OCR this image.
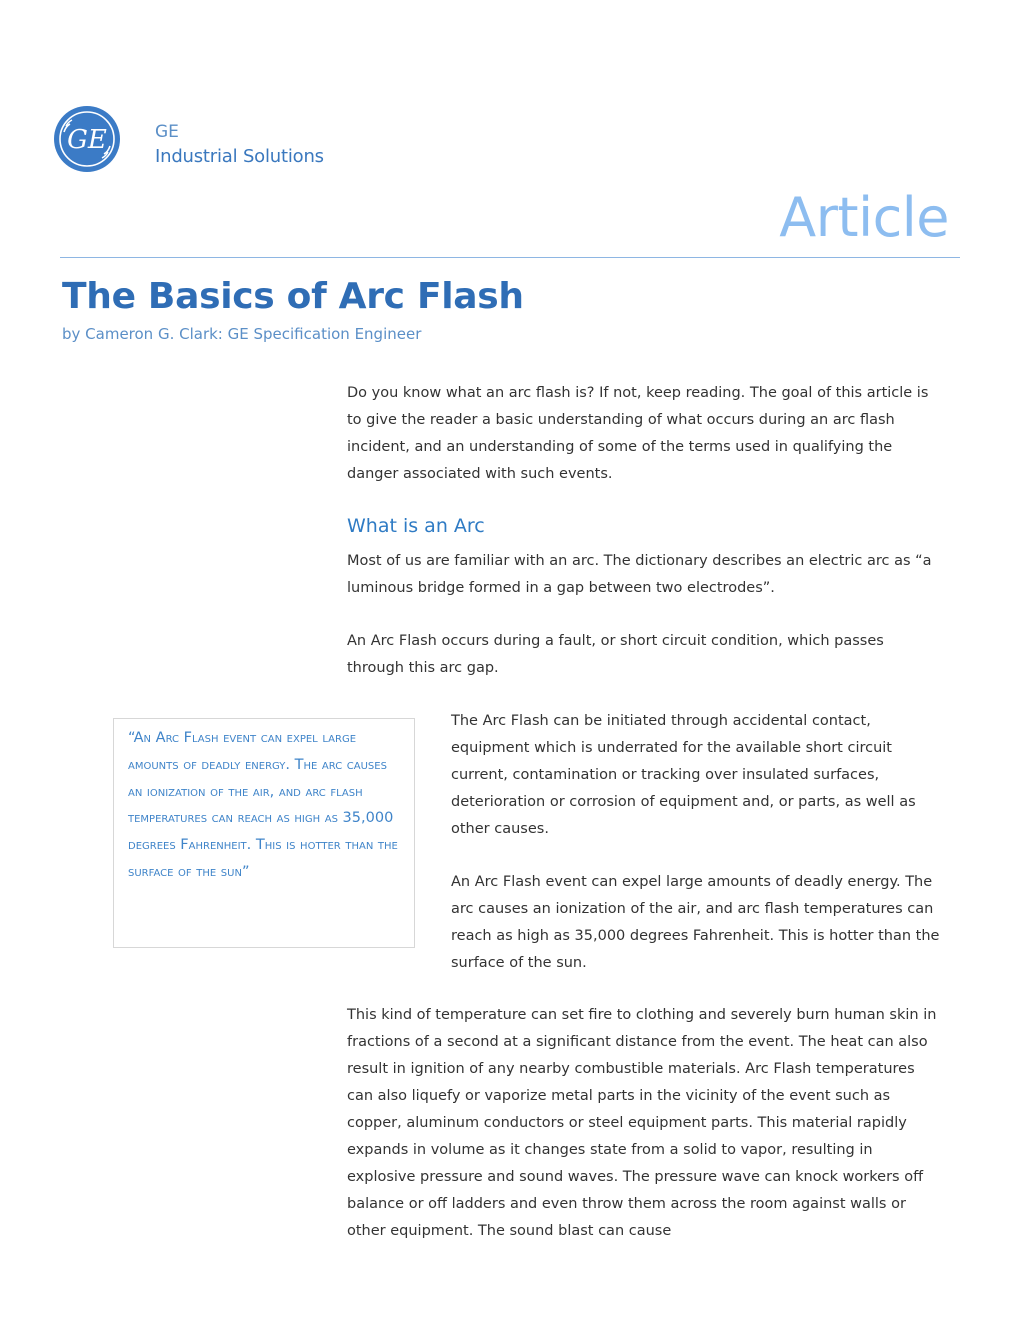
GE	GE
Industrial Solutions
Article
The Basics of Arc Flash
by Cameron G. Clark: GE Specification Engineer

Do you know what an arc flash is? If not, keep reading. The goal of this article is to give the reader a basic understanding of what occurs during an arc flash incident, and an understanding of some of the terms used in qualifying the danger associated with such events.

What is an Arc

Most of us are familiar with an arc. The dictionary describes an electric arc as “a luminous bridge formed in a gap between two electrodes”.

An Arc Flash occurs during a fault, or short circuit condition, which passes through this arc gap.

“An Arc Flash event can expel large amounts of deadly energy. The arc causes an ionization of the air, and arc flash temperatures can reach as high as 35,000 degrees Fahrenheit. This is hotter than the surface of the sun”

The Arc Flash can be initiated through accidental contact, equipment which is underrated for the available short circuit current, contamination or tracking over insulated surfaces, deterioration or corrosion of equipment and, or parts, as well as other causes.

An Arc Flash event can expel large amounts of deadly energy. The arc causes an ionization of the air, and arc flash temperatures can reach as high as 35,000 degrees Fahrenheit. This is hotter than the surface of the sun.

This kind of temperature can set fire to clothing and severely burn human skin in fractions of a second at a significant distance from the event. The heat can also result in ignition of any nearby combustible materials. Arc Flash temperatures can also liquefy or vaporize metal parts in the vicinity of the event such as copper, aluminum conductors or steel equipment parts. This material rapidly expands in volume as it changes state from a solid to vapor, resulting in explosive pressure and sound waves. The pressure wave can knock workers off balance or off ladders and even throw them across the room against walls or other equipment. The sound blast can cause
